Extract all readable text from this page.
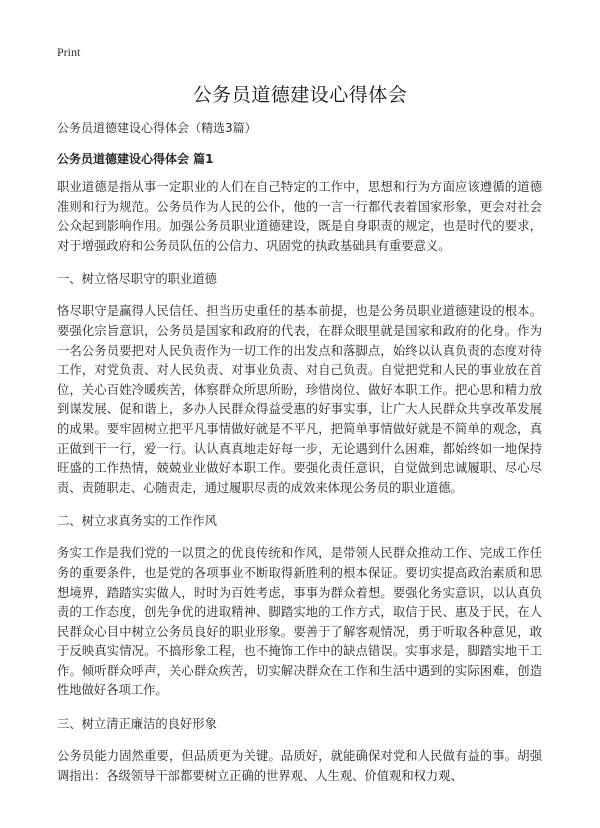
Print
公务员道德建设心得体会

公务员道德建设心得体会（精选3篇）

公务员道德建设心得体会 篇1

职业道德是指从事一定职业的人们在自己特定的工作中，思想和行为方面应该遵循的道德准则和行为规范。公务员作为人民的公仆，他的一言一行都代表着国家形象，更会对社会公众起到影响作用。加强公务员职业道德建设，既是自身职责的规定，也是时代的要求，对于增强政府和公务员队伍的公信力、巩固党的执政基础具有重要意义。

一、树立恪尽职守的职业道德

恪尽职守是赢得人民信任、担当历史重任的基本前提，也是公务员职业道德建设的根本。要强化宗旨意识，公务员是国家和政府的代表，在群众眼里就是国家和政府的化身。作为一名公务员要把对人民负责作为一切工作的出发点和落脚点，始终以认真负责的态度对待工作，对党负责、对人民负责、对事业负责、对自己负责。自觉把党和人民的事业放在首位，关心百姓冷暖疾苦，体察群众所思所盼，珍惜岗位、做好本职工作。把心思和精力放到谋发展、促和谐上，多办人民群众得益受惠的好事实事，让广大人民群众共享改革发展的成果。要牢固树立把平凡事情做好就是不平凡，把简单事情做好就是不简单的观念，真正做到干一行，爱一行。认认真真地走好每一步，无论遇到什么困难，都始终如一地保持旺盛的工作热情，兢兢业业做好本职工作。要强化责任意识，自觉做到忠诚履职、尽心尽责、责随职走、心随责走，通过履职尽责的成效来体现公务员的职业道德。

二、树立求真务实的工作作风

务实工作是我们党的一以贯之的优良传统和作风，是带领人民群众推动工作、完成工作任务的重要条件，也是党的各项事业不断取得新胜利的根本保证。要切实提高政治素质和思想境界，踏踏实实做人，时时为百姓考虑，事事为群众着想。要强化务实意识，以认真负责的工作态度，创先争优的进取精神、脚踏实地的工作方式，取信于民、惠及于民，在人民群众心目中树立公务员良好的职业形象。要善于了解客观情况，勇于听取各种意见，敢于反映真实情况。不搞形象工程，也不掩饰工作中的缺点错误。实事求是，脚踏实地干工作。倾听群众呼声，关心群众疾苦，切实解决群众在工作和生活中遇到的实际困难，创造性地做好各项工作。

三、树立清正廉洁的良好形象

公务员能力固然重要，但品质更为关键。品质好，就能确保对党和人民做有益的事。胡强调指出：各级领导干部都要树立正确的世界观、人生观、价值观和权力观、
